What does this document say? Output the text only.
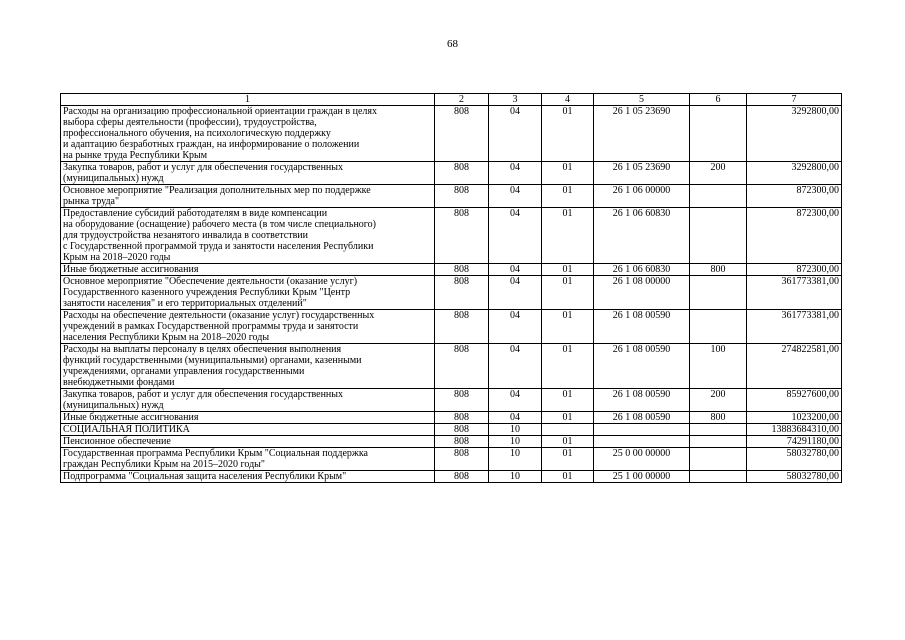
68
1	2	3	4	5	6	7
Расходы на организацию профессиональной ориентации граждан в целях
выбора сферы деятельности (профессии), трудоустройства,
профессионального обучения, на психологическую поддержку
и адаптацию безработных граждан, на информирование о положении
на рынке труда Республики Крым	808	04	01	26 1 05 23690		3292800,00
Закупка товаров, работ и услуг для обеспечения государственных
(муниципальных) нужд	808	04	01	26 1 05 23690	200	3292800,00
Основное мероприятие "Реализация дополнительных мер по поддержке
рынка труда"	808	04	01	26 1 06 00000		872300,00
Предоставление субсидий работодателям в виде компенсации
на оборудование (оснащение) рабочего места (в том числе специального)
для трудоустройства незанятого инвалида в соответствии
с Государственной программой труда и занятости населения Республики
Крым на 2018–2020 годы	808	04	01	26 1 06 60830		872300,00
Иные бюджетные ассигнования	808	04	01	26 1 06 60830	800	872300,00
Основное мероприятие "Обеспечение деятельности (оказание услуг)
Государственного казенного учреждения Республики Крым "Центр
занятости населения" и его территориальных отделений"	808	04	01	26 1 08 00000		361773381,00
Расходы на обеспечение деятельности (оказание услуг) государственных
учреждений в рамках Государственной программы труда и занятости
населения Республики Крым на 2018–2020 годы	808	04	01	26 1 08 00590		361773381,00
Расходы на выплаты персоналу в целях обеспечения выполнения
функций государственными (муниципальными) органами, казенными
учреждениями, органами управления государственными
внебюджетными фондами	808	04	01	26 1 08 00590	100	274822581,00
Закупка товаров, работ и услуг для обеспечения государственных
(муниципальных) нужд	808	04	01	26 1 08 00590	200	85927600,00
Иные бюджетные ассигнования	808	04	01	26 1 08 00590	800	1023200,00
СОЦИАЛЬНАЯ ПОЛИТИКА	808	10				13883684310,00
Пенсионное обеспечение	808	10	01			74291180,00
Государственная программа Республики Крым "Социальная поддержка
граждан Республики Крым на 2015–2020 годы"	808	10	01	25 0 00 00000		58032780,00
Подпрограмма "Социальная защита населения Республики Крым"	808	10	01	25 1 00 00000		58032780,00
